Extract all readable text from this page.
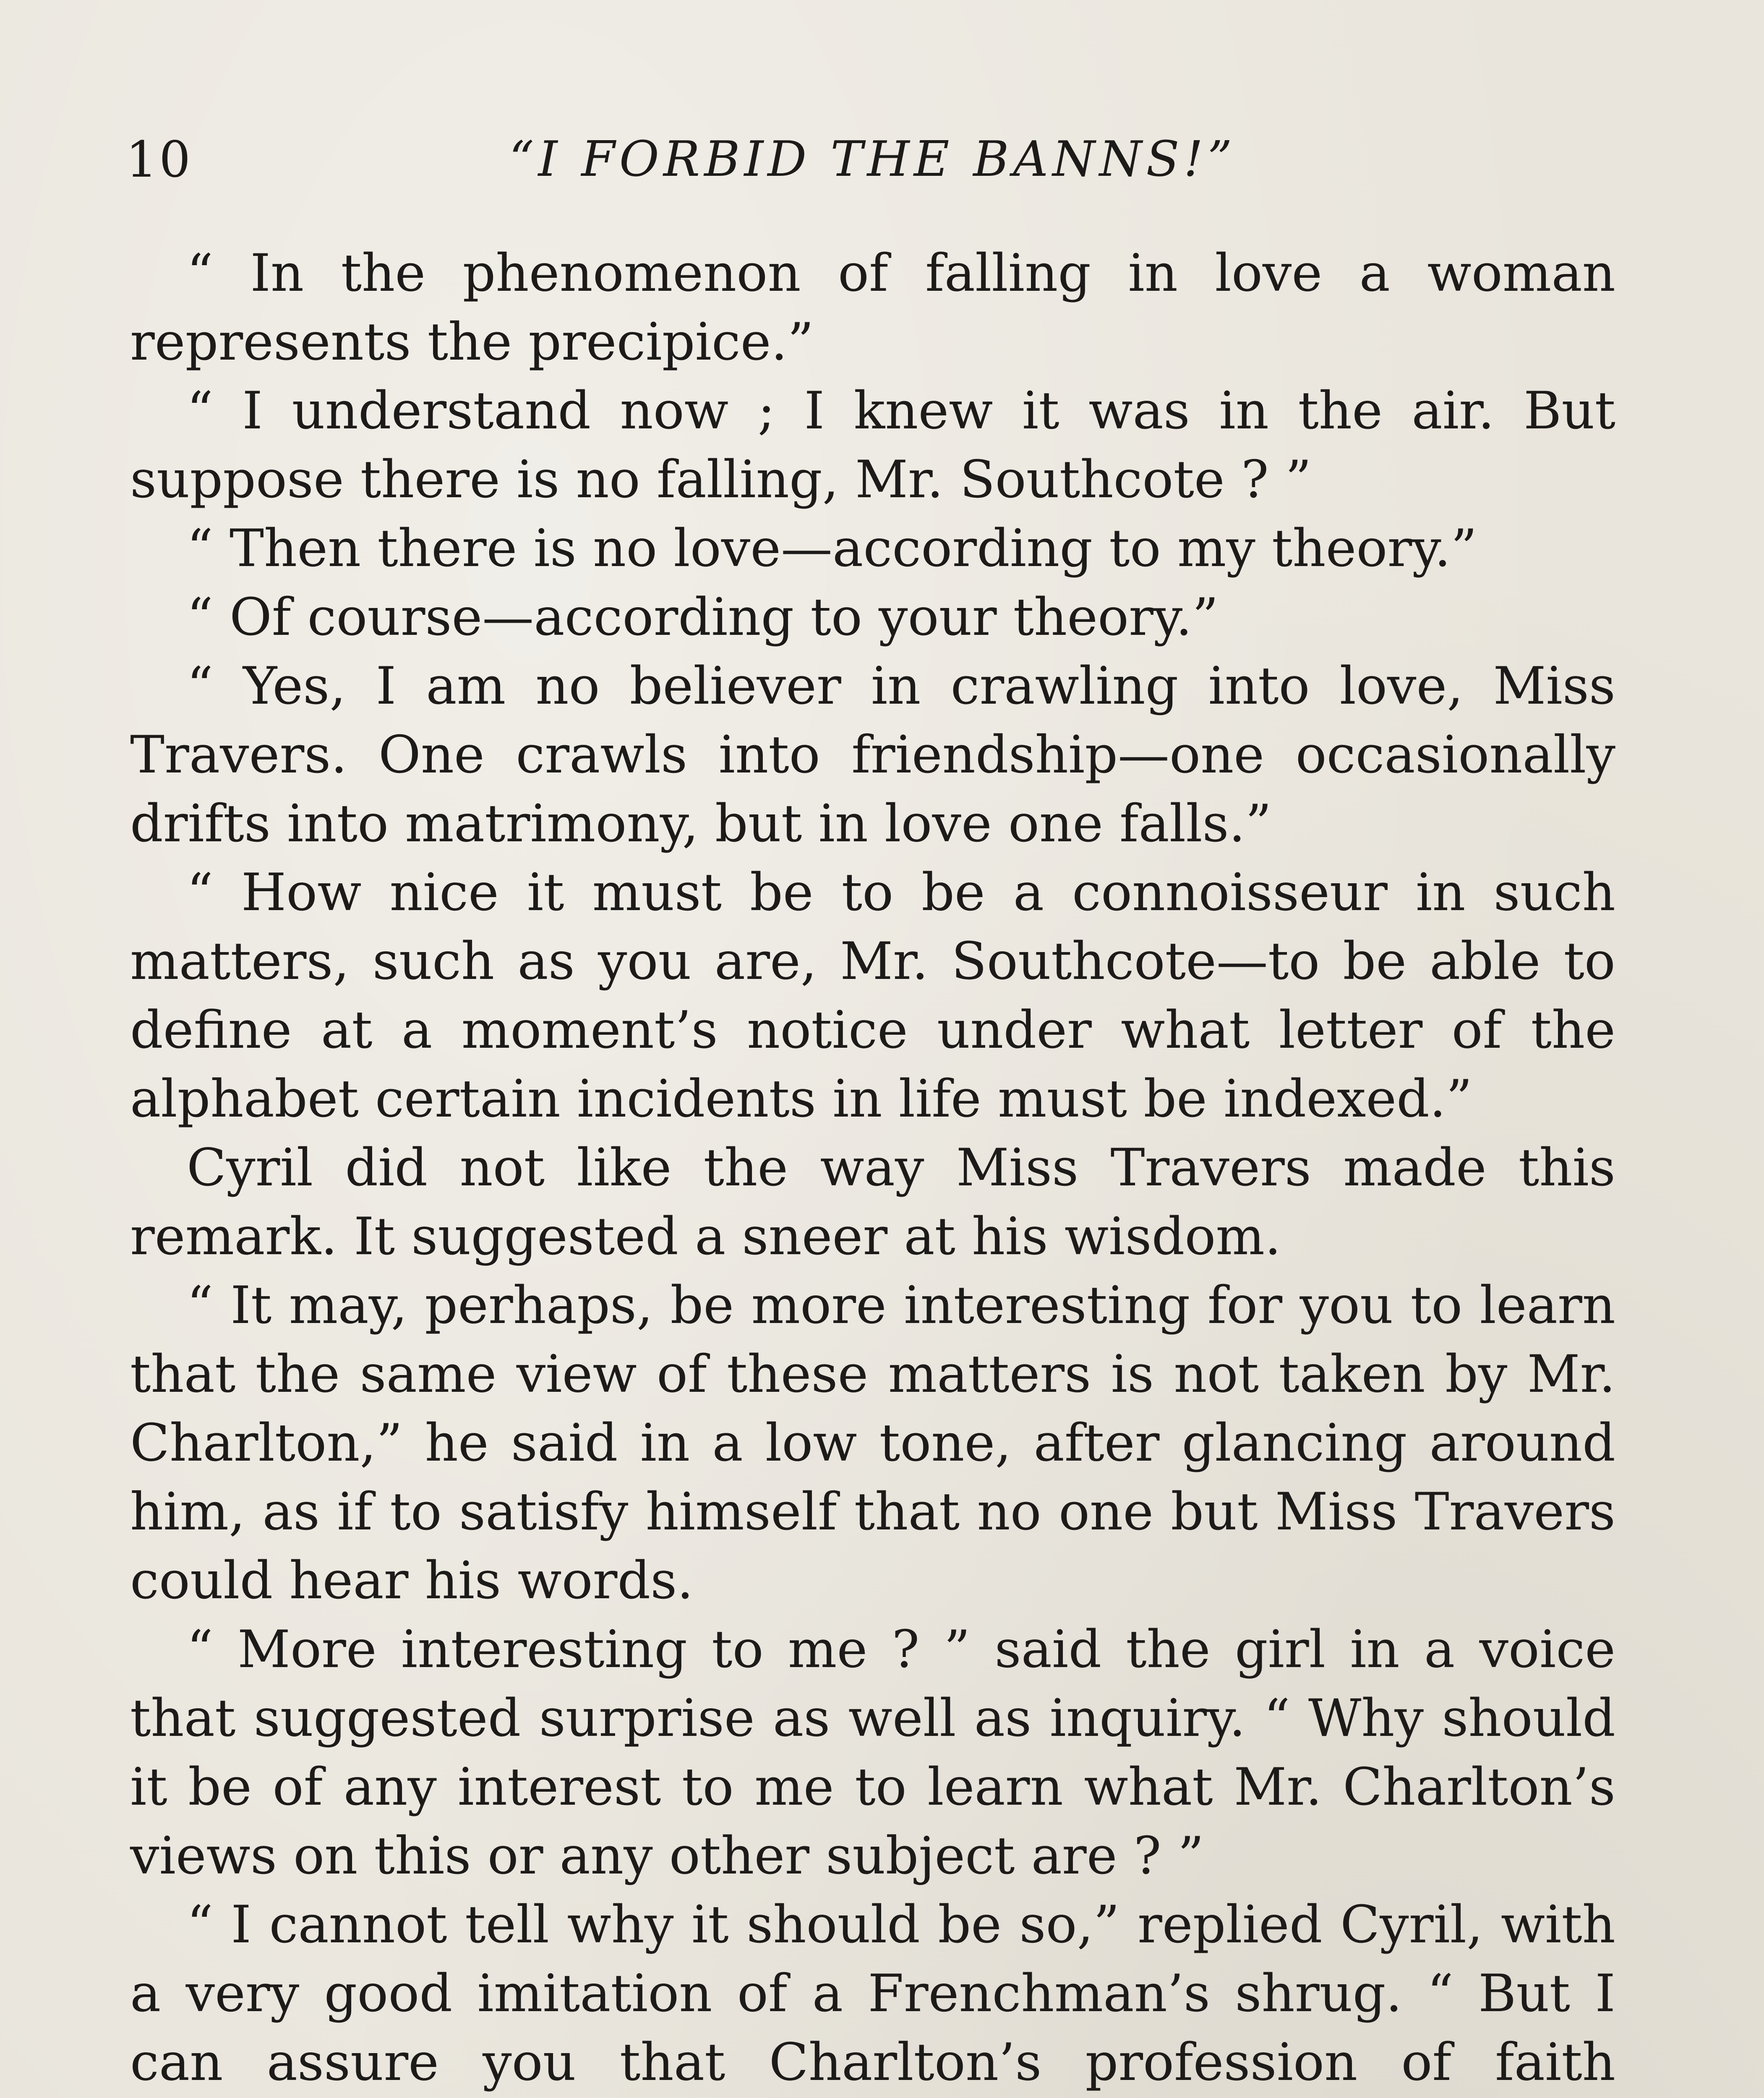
10	“I FORBID THE BANNS!”

“ In the phenomenon of falling in love a woman represents the precipice.”

“ I understand now ; I knew it was in the air. But suppose there is no falling, Mr. Southcote ? ”

“ Then there is no love—according to my theory.”

“ Of course—according to your theory.”

“ Yes, I am no believer in crawling into love, Miss Travers. One crawls into friendship—one occasionally drifts into matrimony, but in love one falls.”

“ How nice it must be to be a connoisseur in such matters, such as you are, Mr. Southcote—to be able to define at a moment’s notice under what letter of the alphabet certain incidents in life must be indexed.”

Cyril did not like the way Miss Travers made this remark. It suggested a sneer at his wisdom.

“ It may, perhaps, be more interesting for you to learn that the same view of these matters is not taken by Mr. Charlton,” he said in a low tone, after glancing around him, as if to satisfy himself that no one but Miss Travers could hear his words.

“ More interesting to me ? ” said the girl in a voice that suggested surprise as well as inquiry. “ Why should it be of any interest to me to learn what Mr. Charlton’s views on this or any other subject are ? ”

“ I cannot tell why it should be so,” replied Cyril, with a very good imitation of a Frenchman’s shrug. “ But I can assure you that Charlton’s profession of faith
